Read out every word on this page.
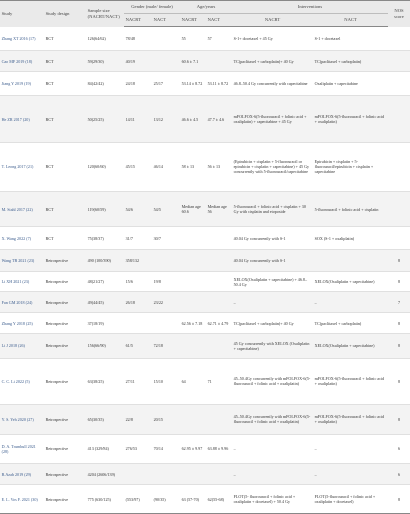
Study	Study design	Sample size (NACRT/NACT)	Gender (male/ female)		Age/years		Interventions		NOS score
			NACRT	NACT	NACRT	NACT	NACRT	NACT	
Zhang XT 2016 (17)	RCT	126(64/62)	78/48		55	57	S-1+ docetaxel + 45 Gy	S-1 + docetaxel	
Cao MF 2019 (18)	RCT	59(29/30)	40/19		60.6 ± 7.1		TC(paclitaxel + carboplatin)+ 40 Gy	TC(paclitaxel + carboplatin)	
Jiang Y 2019 (19)	RCT	84(42/42)	24/18	25/17	53.14 ± 8.72	53.11 ± 8.72	46.8–50.4 Gy concurrently with capecitabine	Oxaliplatin + capecitabine	
He ZR 2017 (20)	RCT	50(25/25)	14/11	13/12	46.6 ± 4.5	47.7 ± 4.6	mFOLFOX-6(5-fluorouracil + folinic acid + oxaliplatin) + capecitabine + 45 Gy	mFOLFOX-6(5-fluorouracil + folinic acid + oxaliplatin)	
T. Leong 2017 (21)	RCT	120(60/60)	45/15	46/14	58 ± 13	56 ± 13	(Epirubicin + cisplatin + 5-fluorouracil or epirubicin + cisplatin + capecitabine) + 45 Gy concurrently with 5-fluorouracil/capecitabine	Epirubicin + cisplatin + 5-fluorouracil/epirubicin + cisplatin + capecitabine	
M. Stahl 2017 (22)	RCT	119(60/59)	54/6	54/5	Median age 60.6	Median age 56	5-fluorouracil + folinic acid + cisplatin + 30 Gy with cisplatin and etoposide	5-fluorouracil + folinic acid + cisplatin	
X. Wang 2022 (7)	RCT	75(38/37)	31/7	30/7			40.04 Gy concurrently with S-1	SOX (S-1 + oxaliplatin)	
Wang TB 2021 (23)	Retrospective	490 (100/390)	358/132				40.04 Gy concurrently with S-1		8
Li XH 2021 (23)	Retrospective	48(21/27)	15/6	19/8			XELOX(Oxaliplatin + capecitabine) + 46.8–50.4 Gy	XELOX(Oxaliplatin + capecitabine)	8
Fan GM 2018 (24)	Retrospective	49(44/45)	26/18	23/22			–	–	7
Zhang Y 2018 (25)	Retrospective	37(18/19)			62.56 ± 7.18	62.71 ± 4.79	TC(paclitaxel + carboplatin)+ 40 Gy	TC(paclitaxel + carboplatin)	8
Li J 2018 (26)	Retrospective	156(66/90)	61/5	72/18			45 Gy concurrently with XELOX (Oxaliplatin + capecitabine)	XELOX(Oxaliplatin + capecitabine)	8
C. C. Li 2022 (5)	Retrospective	63(38/25)	27/11	15/10	64	71	45–50.4Gy concurrently with mFOLFOX-6(5-fluorouracil + folinic acid + oxaliplatin)	mFOLFOX-6(5-fluorouracil + folinic acid + oxaliplatin)	8
Y. S. Yeh 2020 (27)	Retrospective	65(30/35)	22/8	20/15			45–50.4Gy concurrently with mFOLFOX-6(5-fluorouracil + folinic acid + oxaliplatin)	mFOLFOX-6(5-fluorouracil + folinic acid + oxaliplatin)	8
D. A. Trumbull 2021 (28)	Retrospective	413 (329/84)	276/53	70/14	62.95 ± 9.97	63.88 ± 9.96	–	–	6
B.Azab 2019 (29)	Retrospective	4204 (2606/139)					–	–	6
E. L. Vos F. 2021 (30)	Retrospective	775 (630/125)	(553/97)	(90/35)	63 (57-70)	62(55-68)	FLOT(5- fluorouracil + folinic acid + oxaliplatin + docetaxel) + 50.4 Gy	FLOT(5-fluorouracil + folinic acid + oxaliplatin + docetaxel)	8
